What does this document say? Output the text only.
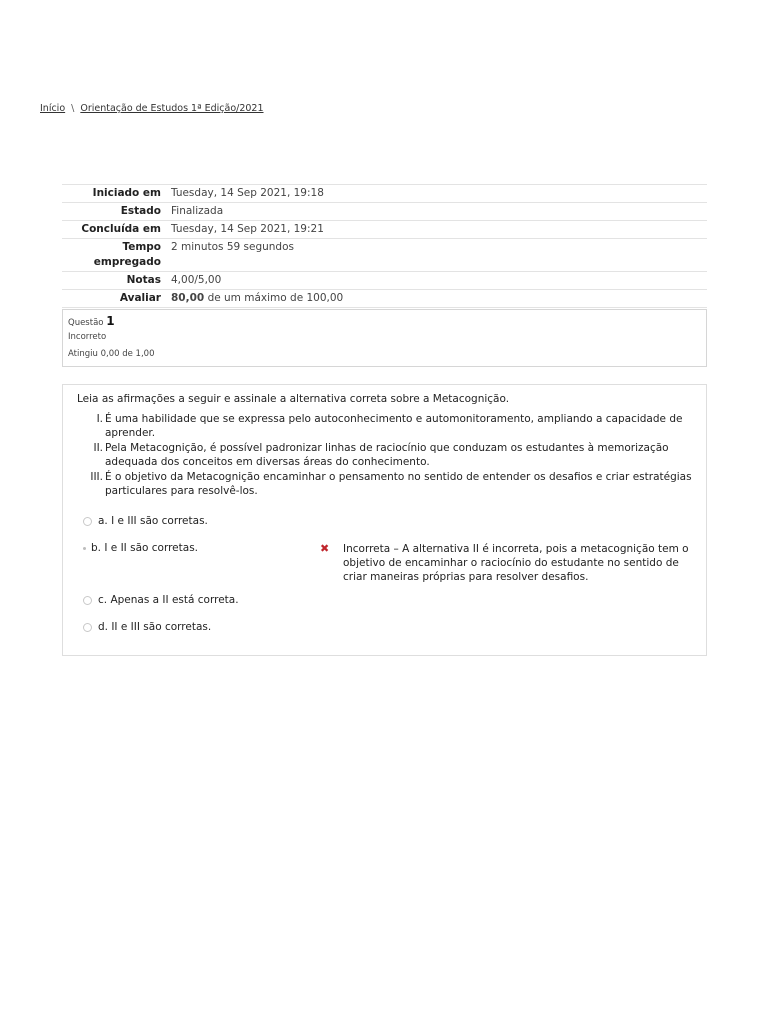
Início \ Orientação de Estudos 1ª Edição/2021
Iniciado em	Tuesday, 14 Sep 2021, 19:18
Estado	Finalizada
Concluída em	Tuesday, 14 Sep 2021, 19:21
Tempo empregado	2 minutos 59 segundos
Notas	4,00/5,00
Avaliar	80,00 de um máximo de 100,00
Questão 1
Incorreto
Atingiu 0,00 de 1,00
Leia as afirmações a seguir e assinale a alternativa correta sobre a Metacognição.
I. É uma habilidade que se expressa pelo autoconhecimento e automonitoramento, ampliando a capacidade de aprender.
II. Pela Metacognição, é possível padronizar linhas de raciocínio que conduzam os estudantes à memorização adequada dos conceitos em diversas áreas do conhecimento.
III. É o objetivo da Metacognição encaminhar o pensamento no sentido de entender os desafios e criar estratégias particulares para resolvê-los.
a. I e III são corretas.
b. I e II são corretas.	✖ Incorreta – A alternativa II é incorreta, pois a metacognição tem o objetivo de encaminhar o raciocínio do estudante no sentido de criar maneiras próprias para resolver desafios.
c. Apenas a II está correta.
d. II e III são corretas.
